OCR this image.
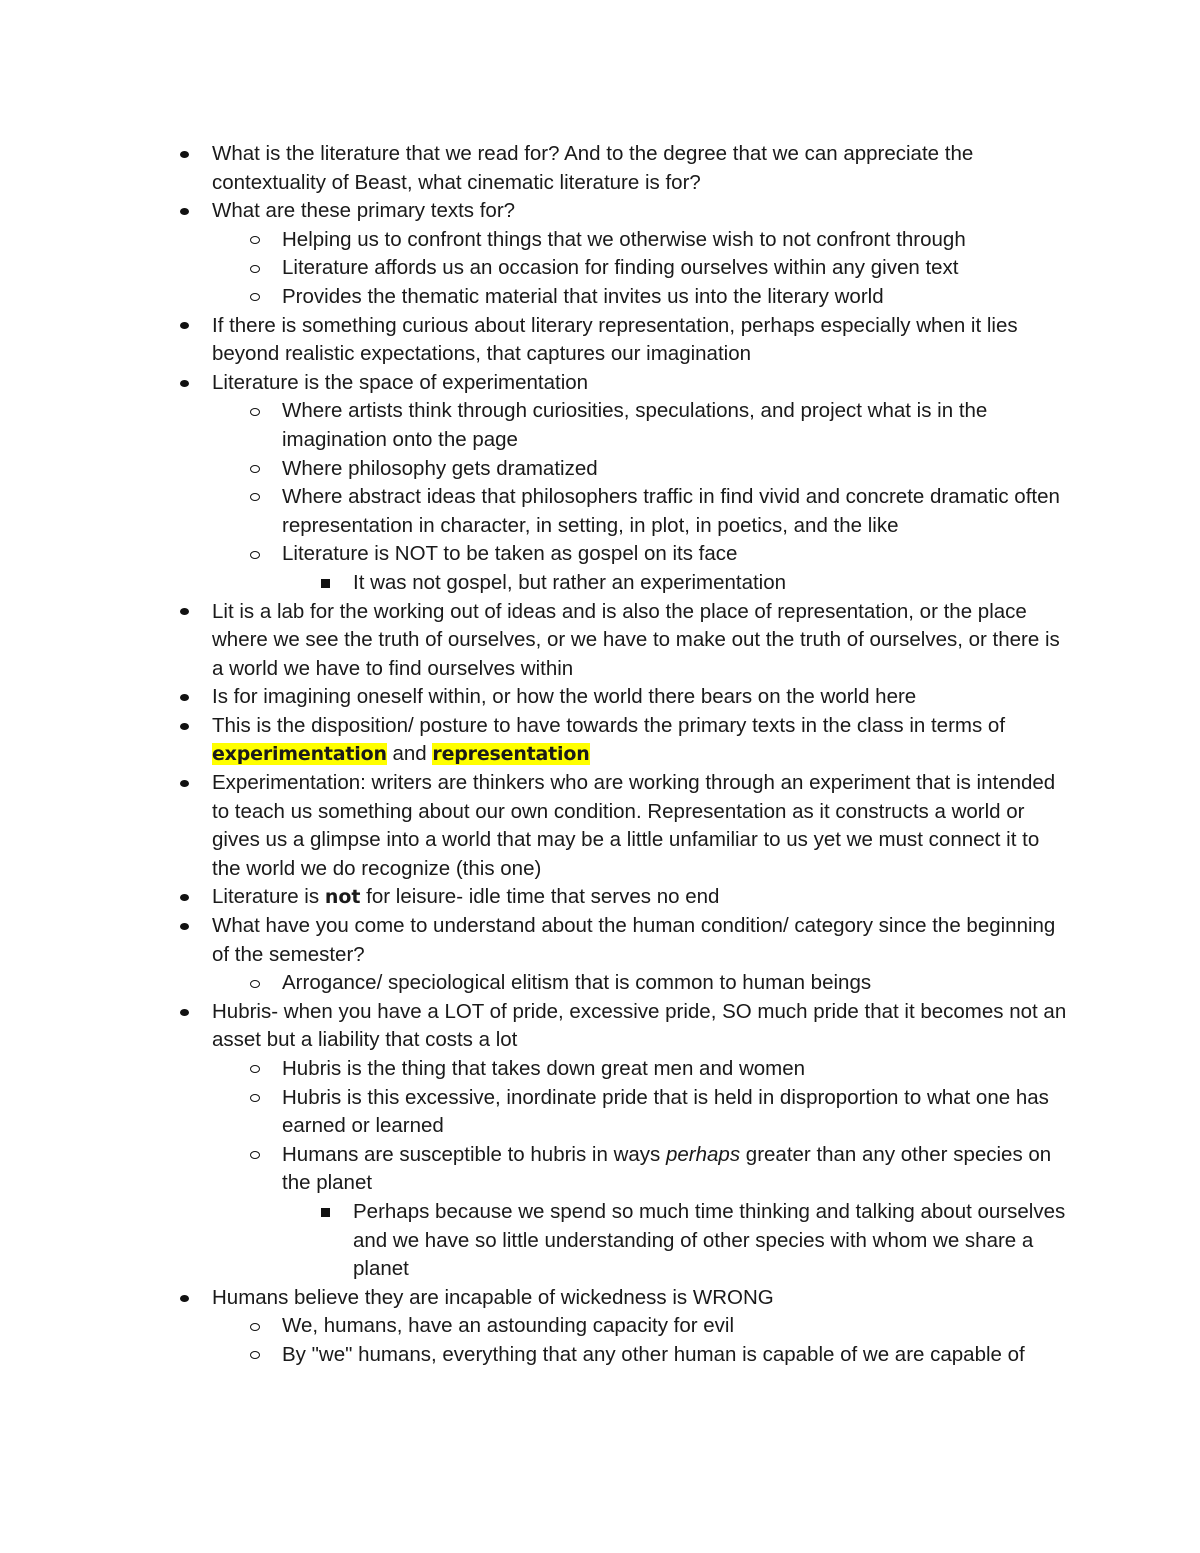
What is the literature that we read for? And to the degree that we can appreciate the contextuality of Beast, what cinematic literature is for?

What are these primary texts for?

Helping us to confront things that we otherwise wish to not confront through

Literature affords us an occasion for finding ourselves within any given text

Provides the thematic material that invites us into the literary world

If there is something curious about literary representation, perhaps especially when it lies beyond realistic expectations, that captures our imagination

Literature is the space of experimentation

Where artists think through curiosities, speculations, and project what is in the imagination onto the page

Where philosophy gets dramatized

Where abstract ideas that philosophers traffic in find vivid and concrete dramatic often representation in character, in setting, in plot, in poetics, and the like

Literature is NOT to be taken as gospel on its face

It was not gospel, but rather an experimentation

Lit is a lab for the working out of ideas and is also the place of representation, or the place where we see the truth of ourselves, or we have to make out the truth of ourselves, or there is a world we have to find ourselves within

Is for imagining oneself within, or how the world there bears on the world here

This is the disposition/ posture to have towards the primary texts in the class in terms of experimentation and representation

Experimentation: writers are thinkers who are working through an experiment that is intended to teach us something about our own condition. Representation as it constructs a world or gives us a glimpse into a world that may be a little unfamiliar to us yet we must connect it to the world we do recognize (this one)

Literature is not for leisure- idle time that serves no end

What have you come to understand about the human condition/ category since the beginning of the semester?

Arrogance/ speciological elitism that is common to human beings

Hubris- when you have a LOT of pride, excessive pride, SO much pride that it becomes not an asset but a liability that costs a lot

Hubris is the thing that takes down great men and women

Hubris is this excessive, inordinate pride that is held in disproportion to what one has earned or learned

Humans are susceptible to hubris in ways perhaps greater than any other species on the planet

Perhaps because we spend so much time thinking and talking about ourselves and we have so little understanding of other species with whom we share a planet

Humans believe they are incapable of wickedness is WRONG

We, humans, have an astounding capacity for evil

By "we" humans, everything that any other human is capable of we are capable of
